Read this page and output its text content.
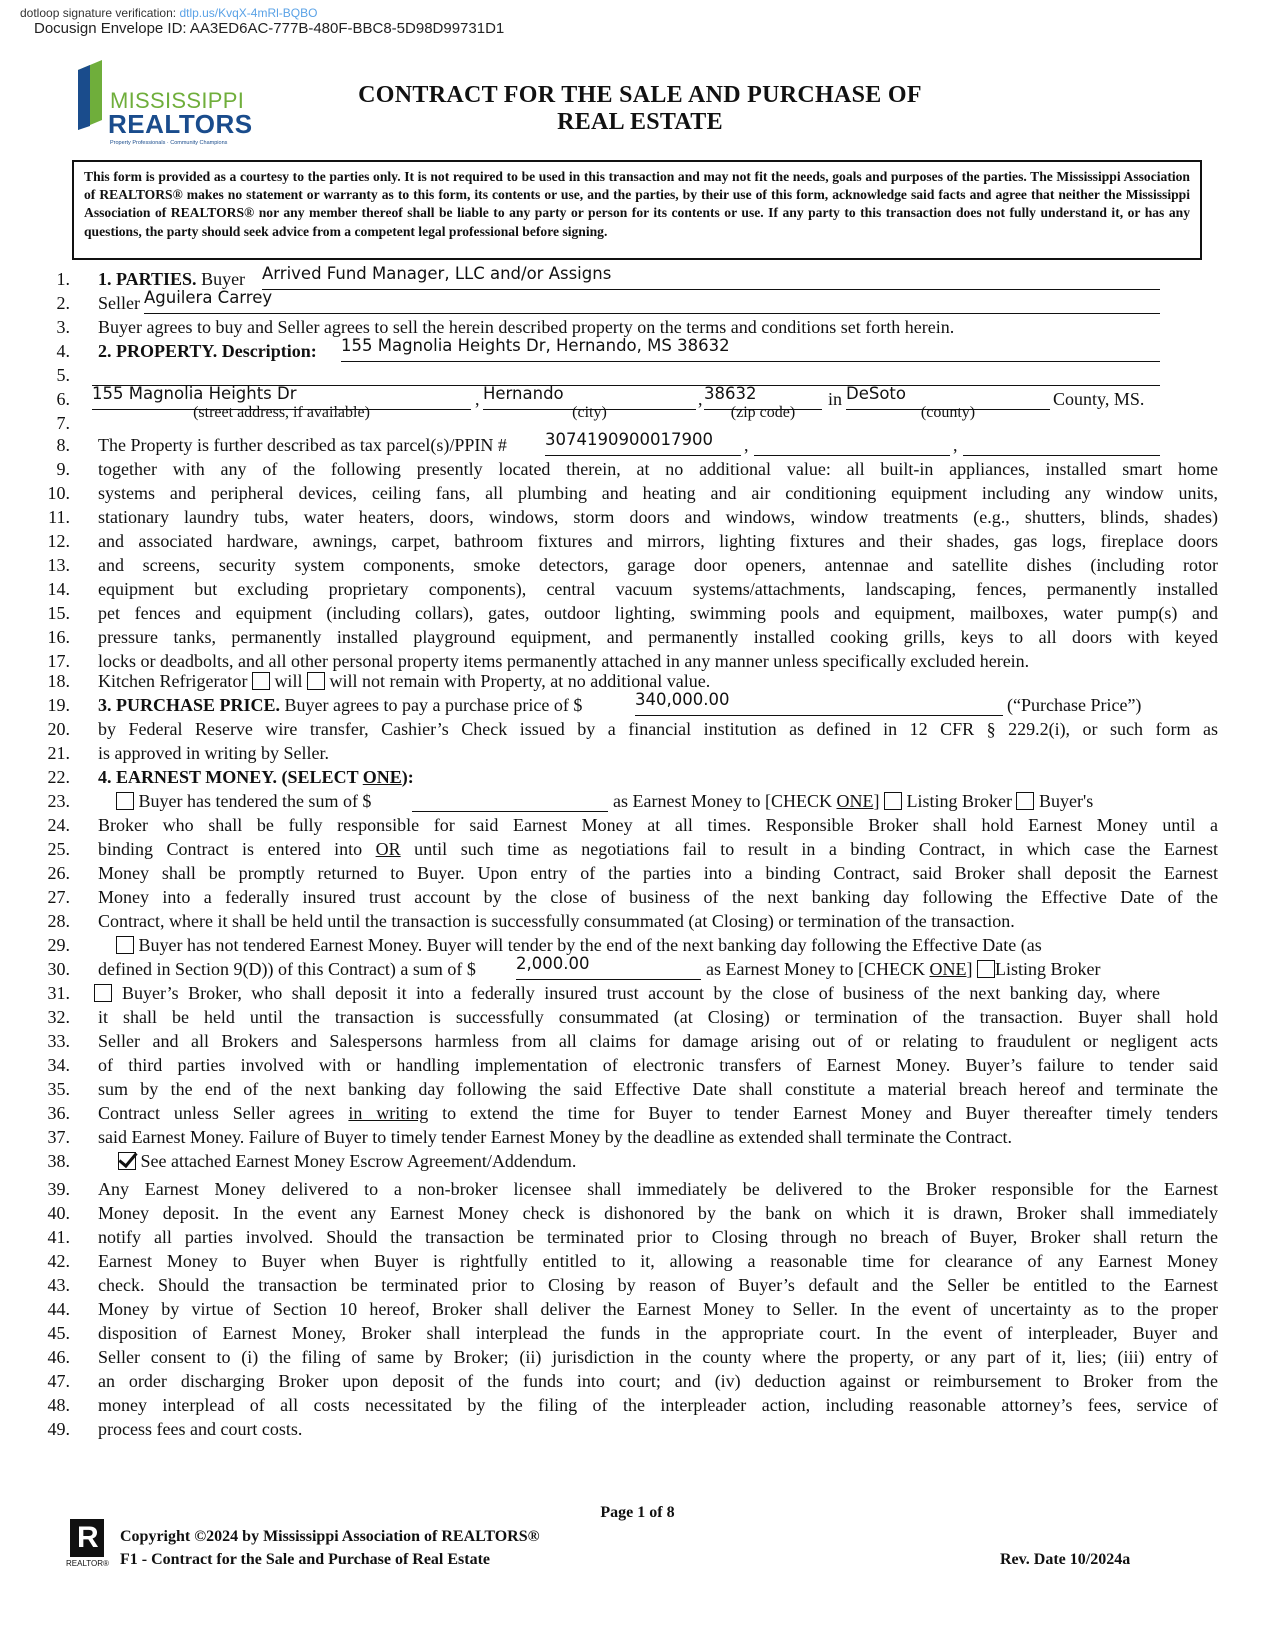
dotloop signature verification: dtlp.us/KvqX-4mRl-BQBO
Docusign Envelope ID: AA3ED6AC-777B-480F-BBC8-5D98D99731D1
MISSISSIPPI
REALTORS
Property Professionals · Community Champions
CONTRACT FOR THE SALE AND PURCHASE OF
REAL ESTATE
This form is provided as a courtesy to the parties only. It is not required to be used in this transaction and may not fit the needs, goals and purposes of the parties. The Mississippi Association of REALTORS® makes no statement or warranty as to this form, its contents or use, and the parties, by their use of this form, acknowledge said facts and agree that neither the Mississippi Association of REALTORS® nor any member thereof shall be liable to any party or person for its contents or use. If any party to this transaction does not fully understand it, or has any questions, the party should seek advice from a competent legal professional before signing.
1.
2.
3.
4.
5.
6.
7.
8.
9.
10.
11.
12.
13.
14.
15.
16.
17.
18.
19.
20.
21.
22.
23.
24.
25.
26.
27.
28.
29.
30.
31.
32.
33.
34.
35.
36.
37.
38.
39.
40.
41.
42.
43.
44.
45.
46.
47.
48.
49.
1. PARTIES. Buyer	Arrived Fund Manager, LLC and/or Assigns
Seller Aguilera Carrey
Buyer agrees to buy and Seller agrees to sell the herein described property on the terms and conditions set forth herein.
2. PROPERTY. Description:	155 Magnolia Heights Dr, Hernando, MS 38632
155 Magnolia Heights Dr	, Hernando	, 38632	in DeSoto	County, MS.
(street address, if available)	(city)	(zip code)	(county)
The Property is further described as tax parcel(s)/PPIN #	3074190900017900 ,	,
together with any of the following presently located therein, at no additional value: all built-in appliances, installed smart home
systems and peripheral devices, ceiling fans, all plumbing and heating and air conditioning equipment including any window units,
stationary laundry tubs, water heaters, doors, windows, storm doors and windows, window treatments (e.g., shutters, blinds, shades)
and associated hardware, awnings, carpet, bathroom fixtures and mirrors, lighting fixtures and their shades, gas logs, fireplace doors
and screens, security system components, smoke detectors, garage door openers, antennae and satellite dishes (including rotor
equipment but excluding proprietary components), central vacuum systems/attachments, landscaping, fences, permanently installed
pet fences and equipment (including collars), gates, outdoor lighting, swimming pools and equipment, mailboxes, water pump(s) and
pressure tanks, permanently installed playground equipment, and permanently installed cooking grills, keys to all doors with keyed
locks or deadbolts, and all other personal property items permanently attached in any manner unless specifically excluded herein.
Kitchen Refrigerator will will not remain with Property, at no additional value.
3. PURCHASE PRICE. Buyer agrees to pay a purchase price of $	340,000.00	(“Purchase Price”)
by Federal Reserve wire transfer, Cashier’s Check issued by a financial institution as defined in 12 CFR § 229.2(i), or such form as
is approved in writing by Seller.
4. EARNEST MONEY. (SELECT ONE):
Buyer has tendered the sum of $	as Earnest Money to [CHECK ONE]  Listing Broker Buyer's
Broker who shall be fully responsible for said Earnest Money at all times. Responsible Broker shall hold Earnest Money until a
binding Contract is entered into OR until such time as negotiations fail to result in a binding Contract, in which case the Earnest
Money shall be promptly returned to Buyer. Upon entry of the parties into a binding Contract, said Broker shall deposit the Earnest
Money into a federally insured trust account by the close of business of the next banking day following the Effective Date of the
Contract, where it shall be held until the transaction is successfully consummated (at Closing) or termination of the transaction.
Buyer has not tendered Earnest Money. Buyer will tender by the end of the next banking day following the Effective Date (as
defined in Section 9(D)) of this Contract) a sum of $	2,000.00	as Earnest Money to [CHECK ONE] Listing Broker
Buyer’s Broker, who shall deposit it into a federally insured trust account by the close of business of the next banking day, where
it shall be held until the transaction is successfully consummated (at Closing) or termination of the transaction. Buyer shall hold
Seller and all Brokers and Salespersons harmless from all claims for damage arising out of or relating to fraudulent or negligent acts
of third parties involved with or handling implementation of electronic transfers of Earnest Money. Buyer’s failure to tender said
sum by the end of the next banking day following the said Effective Date shall constitute a material breach hereof and terminate the
Contract unless Seller agrees in writing to extend the time for Buyer to tender Earnest Money and Buyer thereafter timely tenders
said Earnest Money. Failure of Buyer to timely tender Earnest Money by the deadline as extended shall terminate the Contract.
See attached Earnest Money Escrow Agreement/Addendum.
Any Earnest Money delivered to a non-broker licensee shall immediately be delivered to the Broker responsible for the Earnest
Money deposit. In the event any Earnest Money check is dishonored by the bank on which it is drawn, Broker shall immediately
notify all parties involved. Should the transaction be terminated prior to Closing through no breach of Buyer, Broker shall return the
Earnest Money to Buyer when Buyer is rightfully entitled to it, allowing a reasonable time for clearance of any Earnest Money
check. Should the transaction be terminated prior to Closing by reason of Buyer’s default and the Seller be entitled to the Earnest
Money by virtue of Section 10 hereof, Broker shall deliver the Earnest Money to Seller. In the event of uncertainty as to the proper
disposition of Earnest Money, Broker shall interplead the funds in the appropriate court. In the event of interpleader, Buyer and
Seller consent to (i) the filing of same by Broker; (ii) jurisdiction in the county where the property, or any part of it, lies; (iii) entry of
an order discharging Broker upon deposit of the funds into court; and (iv) deduction against or reimbursement to Broker from the
money interplead of all costs necessitated by the filing of the interpleader action, including reasonable attorney’s fees, service of
process fees and court costs.
Page 1 of 8
R
REALTOR®
Copyright ©2024 by Mississippi Association of REALTORS®
F1 - Contract for the Sale and Purchase of Real Estate	Rev. Date 10/2024a
